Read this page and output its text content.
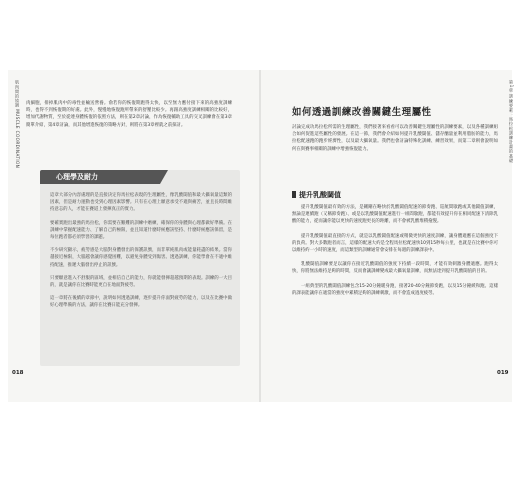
肌肉間的協調 MUSCLE COORDINATION 肉細胞，排掉肌肉中的毒性並輸送營養。俞若你的恢復期跑得太快，以至無力應付接下來的高強度訓練時，也得不到恢復期的好處。此外，慢慢地恢復跑所帶來的舒壓比較少。再跟高強度訓練相關的比較好，增加代謝物質，至於從連身體恢復的依照方法，則在第2章討論，作為恢復輔助工具的交叉訓練會在第3章簡單介紹，第4章討論，而其他增進恢復的策略方針，則將在第3章裡就之前探討。

心理學及耐力

這章大部分內容處理的是直接決定你馬拉松表現的生理屬性，像乳酸閾值和最大攝氧量這類的因素，但是耐力運動也受到心理因素影響。只有在心理上願意承受不適與痛苦，並且長時間維持意志的人，才能在賽道上發揮真正的實力。

要確實跑出最強的馬拉松，你需要在艱難的訓練中磨練，確保你的身體與心理都做好準備。在訓練中掌握配速能力、了解自己的極限，並且知道什麼時候應該堅持、什麼時候應該保留，是每位跑者都必須學習的課題。

不少研究顯示，疲勞感是大腦對身體發出的保護訊號，而非單純肌肉或能量耗盡的結果。當你越接近極限，大腦越會讓你感覺困難，以避免身體受到傷害。透過訓練，你能學會在不適中維持配速，推遲大腦發出停止的訊號。

只要願意進入不舒服的區域，並相信自己的能力，你就能發揮超越預期的表現。訓練的一大目的，就是讓你在比賽時能更自在地面對疲勞。

這一章將在後續的章節中，說明如何透過訓練，逐步提升你面對疲勞的能力，以及在比賽中做好心理準備的方法，讓你在比賽日能充分發揮。

018
第1章 訓練要素：馬拉松訓練計畫的基礎
如何透過訓練改善關鍵生理屬性

討論完成功馬拉松所需的生理屬性，我們接著來看看可以改善關鍵生理屬性的訓練要素，以及各種訓練組合如何促進這些屬性的發展。在這一節，我們會介紹如何提升乳酸閾值、儲存醣量並利用脂肪的能力，馬拉松配速跑的跑步經濟性，以及最大攝氧量。我們也會討論特殊化訓練、練習效果，而第二章則會說明如何在與賽事相關的訓練中增強恢復能力。

提升乳酸閾值

提升乳酸閾值最有效的方法，是剛剛在略快於乳酸閾值配速的節奏跑、巡航間歇跑或其他閾值訓練，無論是連續跑（又稱節奏跑）、或是以乳酸閾值配速進行一組間歇跑，都能有效提升你在相同配速下清除乳酸的能力，從而讓你能以更快的速度跑更長的距離，而不會被乳酸堆積拖慢。

提升乳酸閾值最直接的方式，就是以乳酸閾值配速或稍微更快的速度訓練，讓身體適應在這個強度下的負荷。對大多數跑者而言，這樣的配速大約是全程馬拉松配速快10到15秒每公里，也就是在比賽中你可以維持約一小時的速度，而這類型的訓練通常會安排在每週的訓練課表中。

乳酸閾值訓練要足以讓你在接近乳酸閾值的強度下持續一段時間，才能有效刺激身體適應。跑得太快，你將無法維持足夠的時間，反而會讓訓練變成最大攝氧量訓練，而無法達到提升乳酸閾值的目的。

一組典型的乳酸閾值訓練包含15-20分鐘暖身跑，接著20-40分鐘節奏跑，以及15分鐘緩和跑。這樣的課表能讓你在適當的強度中累積足夠的訓練刺激，而不會造成過度疲勞。

019
